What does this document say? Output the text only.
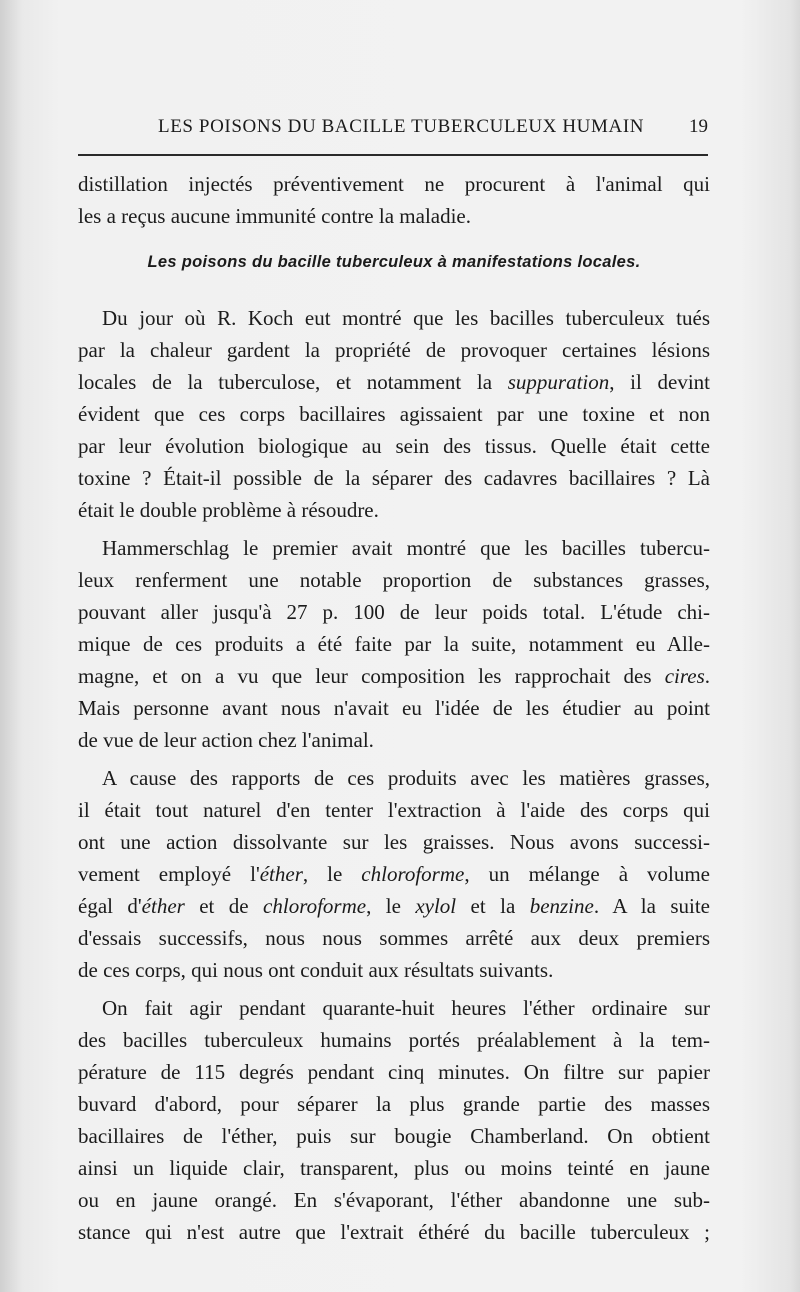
LES POISONS DU BACILLE TUBERCULEUX HUMAIN 19
distillation injectés préventivement ne procurent à l'animal qui
les a reçus aucune immunité contre la maladie.
Les poisons du bacille tuberculeux à manifestations locales.
Du jour où R. Koch eut montré que les bacilles tuberculeux tués
par la chaleur gardent la propriété de provoquer certaines lésions
locales de la tuberculose, et notamment la suppuration, il devint
évident que ces corps bacillaires agissaient par une toxine et non
par leur évolution biologique au sein des tissus. Quelle était cette
toxine ? Était-il possible de la séparer des cadavres bacillaires ? Là
était le double problème à résoudre.
Hammerschlag le premier avait montré que les bacilles tubercu-
leux renferment une notable proportion de substances grasses,
pouvant aller jusqu'à 27 p. 100 de leur poids total. L'étude chi-
mique de ces produits a été faite par la suite, notamment eu Alle-
magne, et on a vu que leur composition les rapprochait des cires.
Mais personne avant nous n'avait eu l'idée de les étudier au point
de vue de leur action chez l'animal.
A cause des rapports de ces produits avec les matières grasses,
il était tout naturel d'en tenter l'extraction à l'aide des corps qui
ont une action dissolvante sur les graisses. Nous avons successi-
vement employé l'éther, le chloroforme, un mélange à volume
égal d'éther et de chloroforme, le xylol et la benzine. A la suite
d'essais successifs, nous nous sommes arrêté aux deux premiers
de ces corps, qui nous ont conduit aux résultats suivants.
On fait agir pendant quarante-huit heures l'éther ordinaire sur
des bacilles tuberculeux humains portés préalablement à la tem-
pérature de 115 degrés pendant cinq minutes. On filtre sur papier
buvard d'abord, pour séparer la plus grande partie des masses
bacillaires de l'éther, puis sur bougie Chamberland. On obtient
ainsi un liquide clair, transparent, plus ou moins teinté en jaune
ou en jaune orangé. En s'évaporant, l'éther abandonne une sub-
stance qui n'est autre que l'extrait éthéré du bacille tuberculeux ;
